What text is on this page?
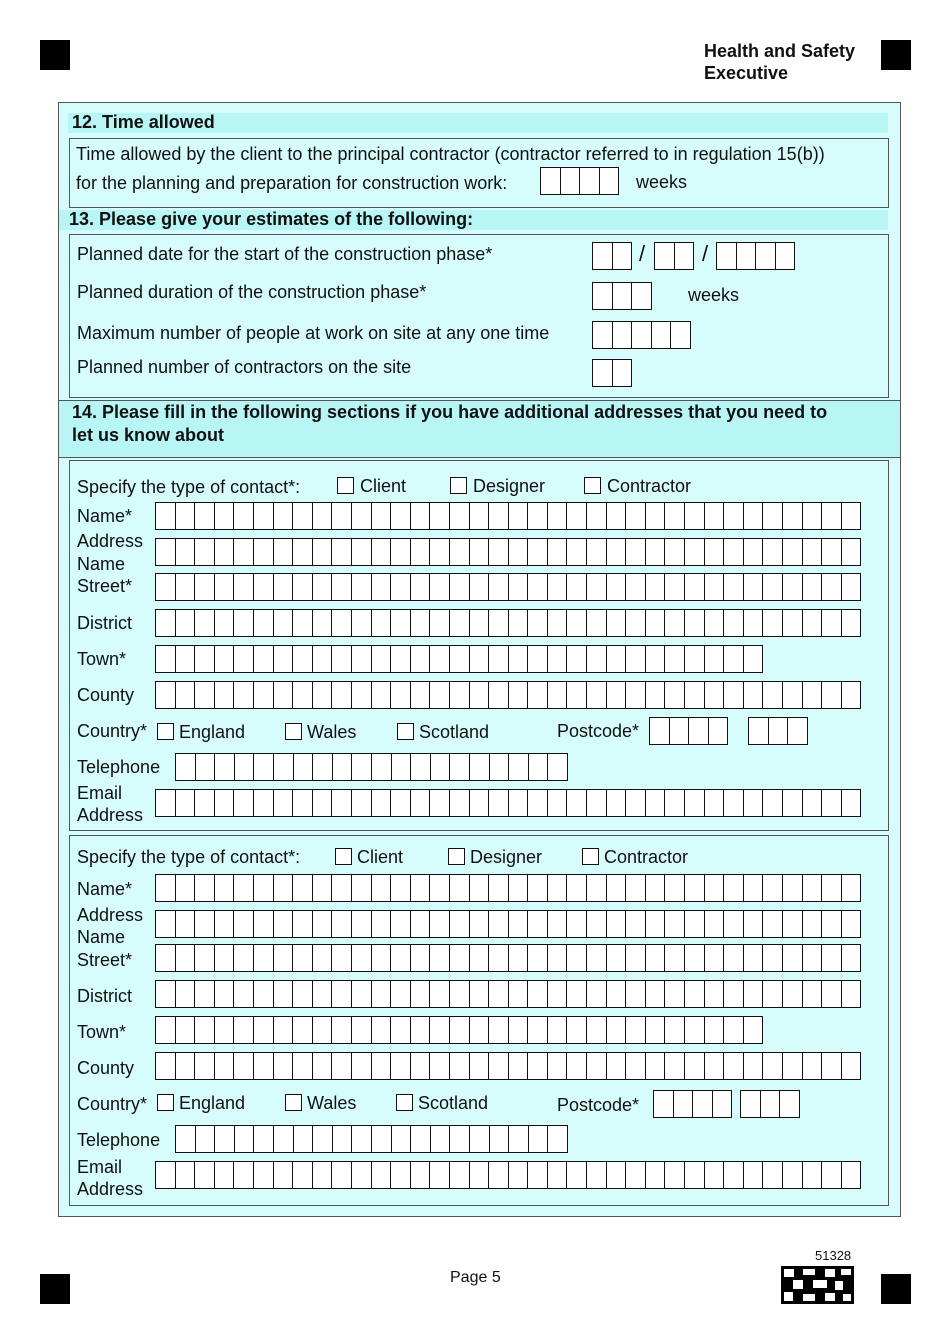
Health and Safety
Executive
12. Time allowed
Time allowed by the client to the principal contractor (contractor referred to in regulation 15(b))
for the planning and preparation for construction work:	weeks
13. Please give your estimates of the following:
Planned date for the start of the construction phase*	/	/
Planned duration of the construction phase*	weeks
Maximum number of people at work on site at any one time
Planned number of contractors on the site
14. Please fill in the following sections if you have additional addresses that you need to
let us know about
Specify the type of contact*:	Client	Designer	Contractor
Name*
Address
Name
Street*
District
Town*
County
Country* England	Wales	Scotland	Postcode*
Telephone
Email
Address
Specify the type of contact*:	Client	Designer	Contractor
Name*
Address
Name
Street*
District
Town*
County
Country* England	Wales	Scotland	Postcode*
Telephone
Email
Address
Page 5
51328
